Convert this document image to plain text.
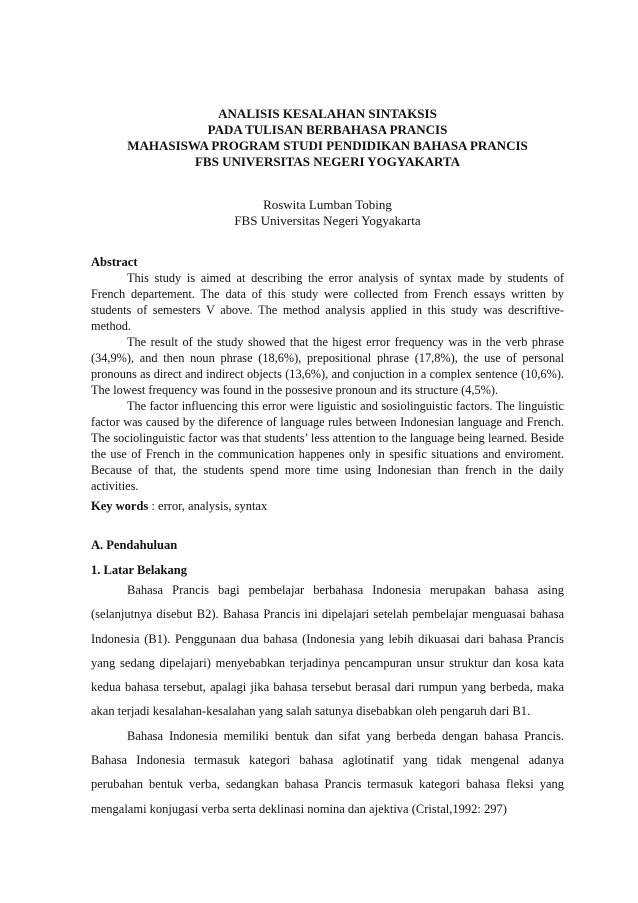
ANALISIS KESALAHAN SINTAKSIS
PADA TULISAN BERBAHASA PRANCIS
MAHASISWA PROGRAM STUDI PENDIDIKAN BAHASA PRANCIS
FBS UNIVERSITAS NEGERI YOGYAKARTA
Roswita Lumban Tobing
FBS Universitas Negeri Yogyakarta

Abstract

This study is aimed at describing the error analysis of syntax made by students of French departement. The data of this study were collected from French essays written by students of semesters V above. The method analysis applied in this study was descriftive-method.

The result of the study showed that the higest error frequency was in the verb phrase (34,9%), and then noun phrase (18,6%), prepositional phrase (17,8%), the use of personal pronouns as direct and indirect objects (13,6%), and conjuction in a complex sentence (10,6%). The lowest frequency was found in the possesive pronoun and its structure (4,5%).

The factor influencing this error were liguistic and sosiolinguistic factors. The linguistic factor was caused by the diference of language rules between Indonesian language and French. The sociolinguistic factor was that students’ less attention to the language being learned. Beside the use of French in the communication happenes only in spesific situations and enviroment. Because of that, the students spend more time using Indonesian than french in the daily activities.

Key words : error, analysis, syntax

A. Pendahuluan

1. Latar Belakang

Bahasa Prancis bagi pembelajar berbahasa Indonesia merupakan bahasa asing (selanjutnya disebut B2). Bahasa Prancis ini dipelajari setelah pembelajar menguasai bahasa Indonesia (B1). Penggunaan dua bahasa (Indonesia yang lebih dikuasai dari bahasa Prancis yang sedang dipelajari) menyebabkan terjadinya pencampuran unsur struktur dan kosa kata kedua bahasa tersebut, apalagi jika bahasa tersebut berasal dari rumpun yang berbeda, maka akan terjadi kesalahan-kesalahan yang salah satunya disebabkan oleh pengaruh dari B1.

Bahasa Indonesia memiliki bentuk dan sifat yang berbeda dengan bahasa Prancis. Bahasa Indonesia termasuk kategori bahasa aglotinatif yang tidak mengenal adanya perubahan bentuk verba, sedangkan bahasa Prancis termasuk kategori bahasa fleksi yang mengalami konjugasi verba serta deklinasi nomina dan ajektiva (Cristal,1992: 297)
